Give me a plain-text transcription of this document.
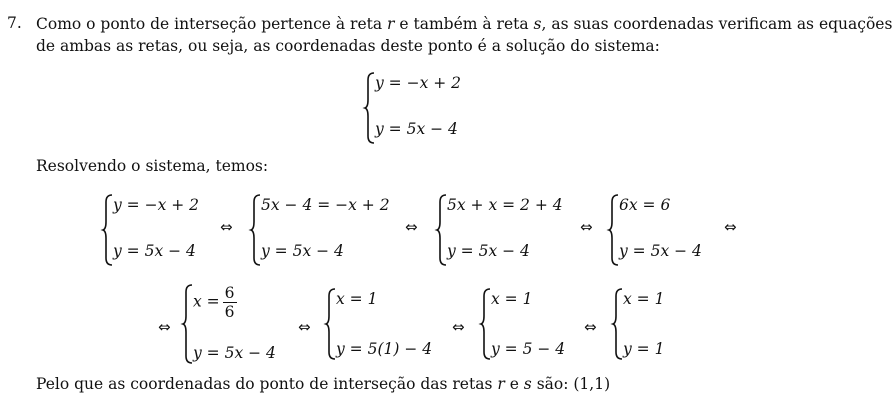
7. Como o ponto de interseção pertence à reta r e também à reta s, as suas coordenadas verificam as equações
de ambas as retas, ou seja, as coordenadas deste ponto é a solução do sistema:
y = −x + 2
y = 5x − 4
Resolvendo o sistema, temos:
y = −x + 2
y = 5x − 4
⇔
5x − 4 = −x + 2
y = 5x − 4
⇔
5x + x = 2 + 4
y = 5x − 4
⇔
6x = 6
y = 5x − 4
⇔
⇔
$x = \frac{6}{6}$
y = 5x − 4
⇔
x = 1
y = 5(1) − 4
⇔
x = 1
y = 5 − 4
⇔
x = 1
y = 1
Pelo que as coordenadas do ponto de interseção das retas r e s são: (1,1)
